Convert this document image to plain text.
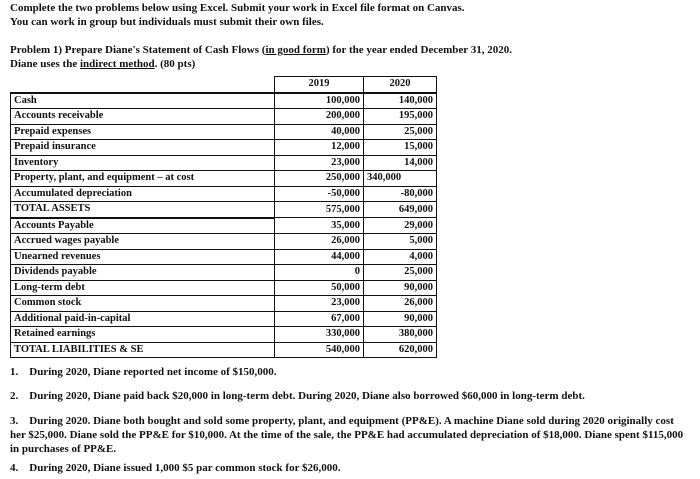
Complete the two problems below using Excel. Submit your work in Excel file format on Canvas.
You can work in group but individuals must submit their own files.
Problem 1) Prepare Diane's Statement of Cash Flows (in good form) for the year ended December 31, 2020.
Diane uses the indirect method. (80 pts)
	2019	2020
Cash	100,000	140,000
Accounts receivable	200,000	195,000
Prepaid expenses	40,000	25,000
Prepaid insurance	12,000	15,000
Inventory	23,000	14,000
Property, plant, and equipment – at cost	250,000	340,000
Accumulated depreciation	-50,000	-80,000
TOTAL ASSETS	575,000	649,000
Accounts Payable	35,000	29,000
Accrued wages payable	26,000	5,000
Unearned revenues	44,000	4,000
Dividends payable	0	25,000
Long-term debt	50,000	90,000
Common stock	23,000	26,000
Additional paid-in-capital	67,000	90,000
Retained earnings	330,000	380,000
TOTAL LIABILITIES & SE	540,000	620,000
1. During 2020, Diane reported net income of $150,000.
2. During 2020, Diane paid back $20,000 in long-term debt. During 2020, Diane also borrowed $60,000 in long-term debt.
3. During 2020. Diane both bought and sold some property, plant, and equipment (PP&E). A machine Diane sold during 2020 originally cost her $25,000. Diane sold the PP&E for $10,000. At the time of the sale, the PP&E had accumulated depreciation of $18,000. Diane spent $115,000 in purchases of PP&E.
4. During 2020, Diane issued 1,000 $5 par common stock for $26,000.
